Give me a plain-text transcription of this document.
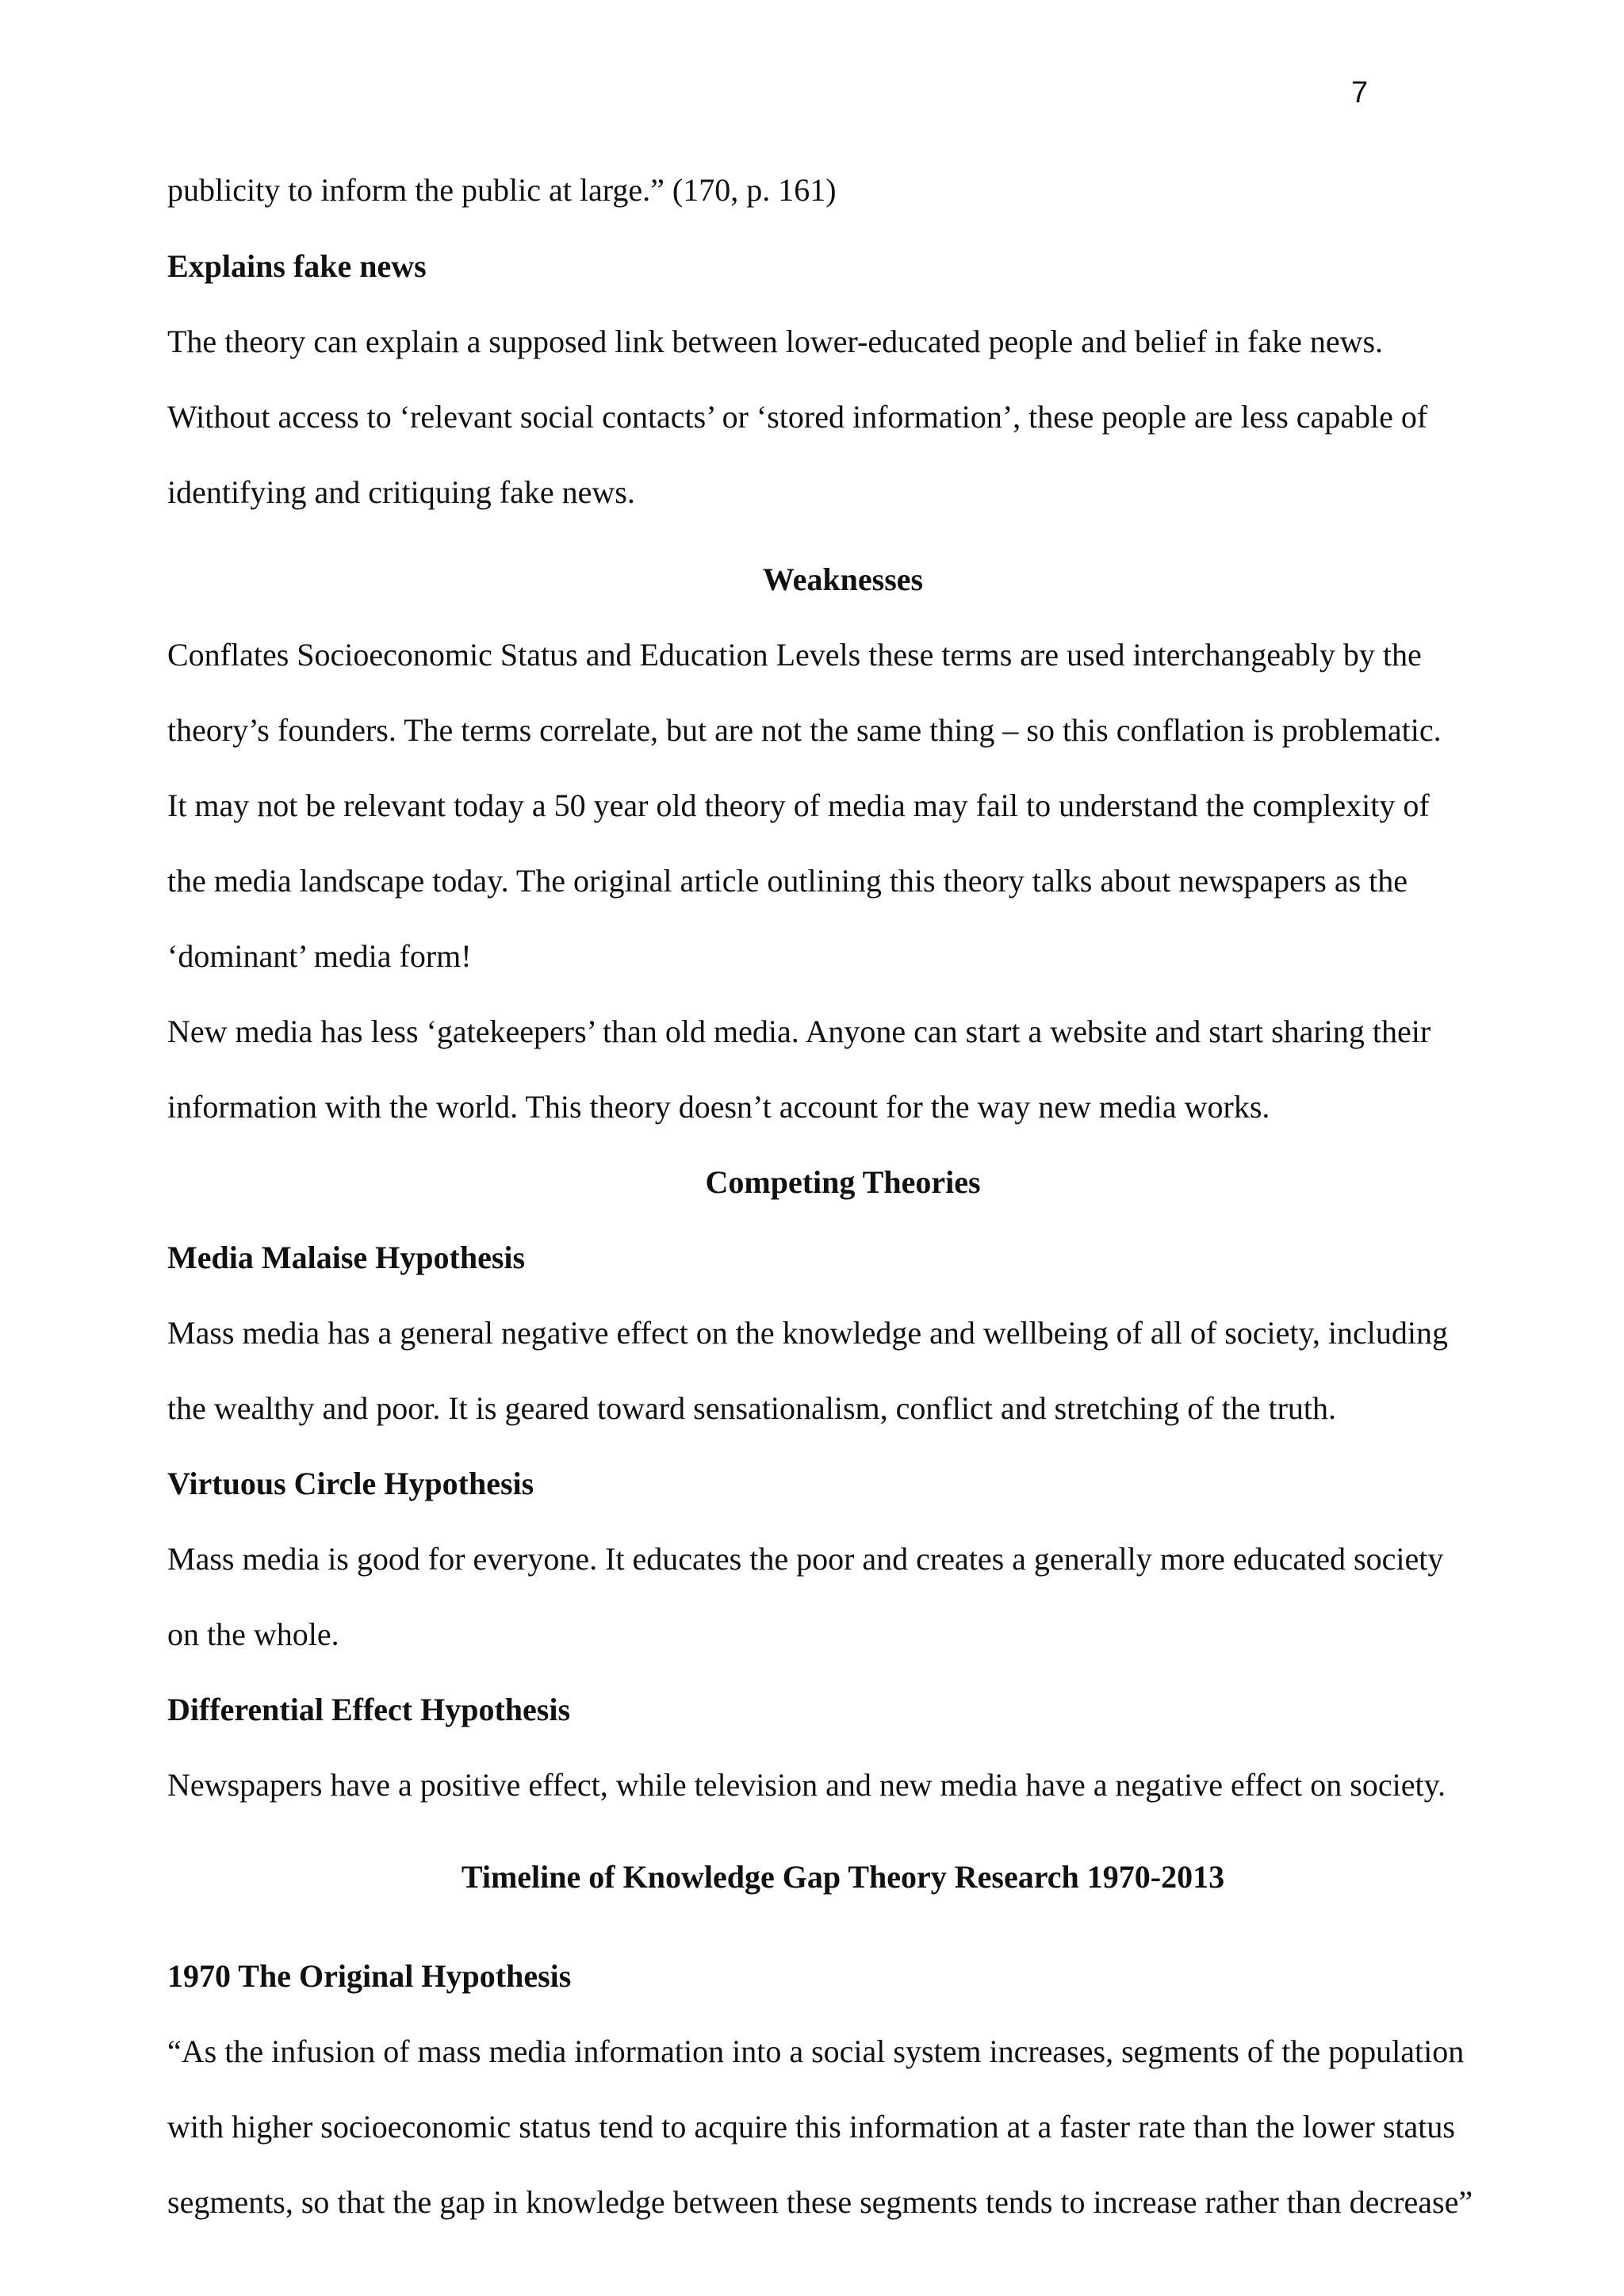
7
publicity to inform the public at large.” (170, p. 161)
Explains fake news
The theory can explain a supposed link between lower-educated people and belief in fake news.
Without access to ‘relevant social contacts’ or ‘stored information’, these people are less capable of
identifying and critiquing fake news.
Weaknesses
Conflates Socioeconomic Status and Education Levels these terms are used interchangeably by the
theory’s founders. The terms correlate, but are not the same thing – so this conflation is problematic.
It may not be relevant today a 50 year old theory of media may fail to understand the complexity of
the media landscape today. The original article outlining this theory talks about newspapers as the
‘dominant’ media form!
New media has less ‘gatekeepers’ than old media. Anyone can start a website and start sharing their
information with the world. This theory doesn’t account for the way new media works.
Competing Theories
Media Malaise Hypothesis
Mass media has a general negative effect on the knowledge and wellbeing of all of society, including
the wealthy and poor. It is geared toward sensationalism, conflict and stretching of the truth.
Virtuous Circle Hypothesis
Mass media is good for everyone. It educates the poor and creates a generally more educated society
on the whole.
Differential Effect Hypothesis
Newspapers have a positive effect, while television and new media have a negative effect on society.
Timeline of Knowledge Gap Theory Research 1970-2013
1970 The Original Hypothesis
“As the infusion of mass media information into a social system increases, segments of the population
with higher socioeconomic status tend to acquire this information at a faster rate than the lower status
segments, so that the gap in knowledge between these segments tends to increase rather than decrease”
